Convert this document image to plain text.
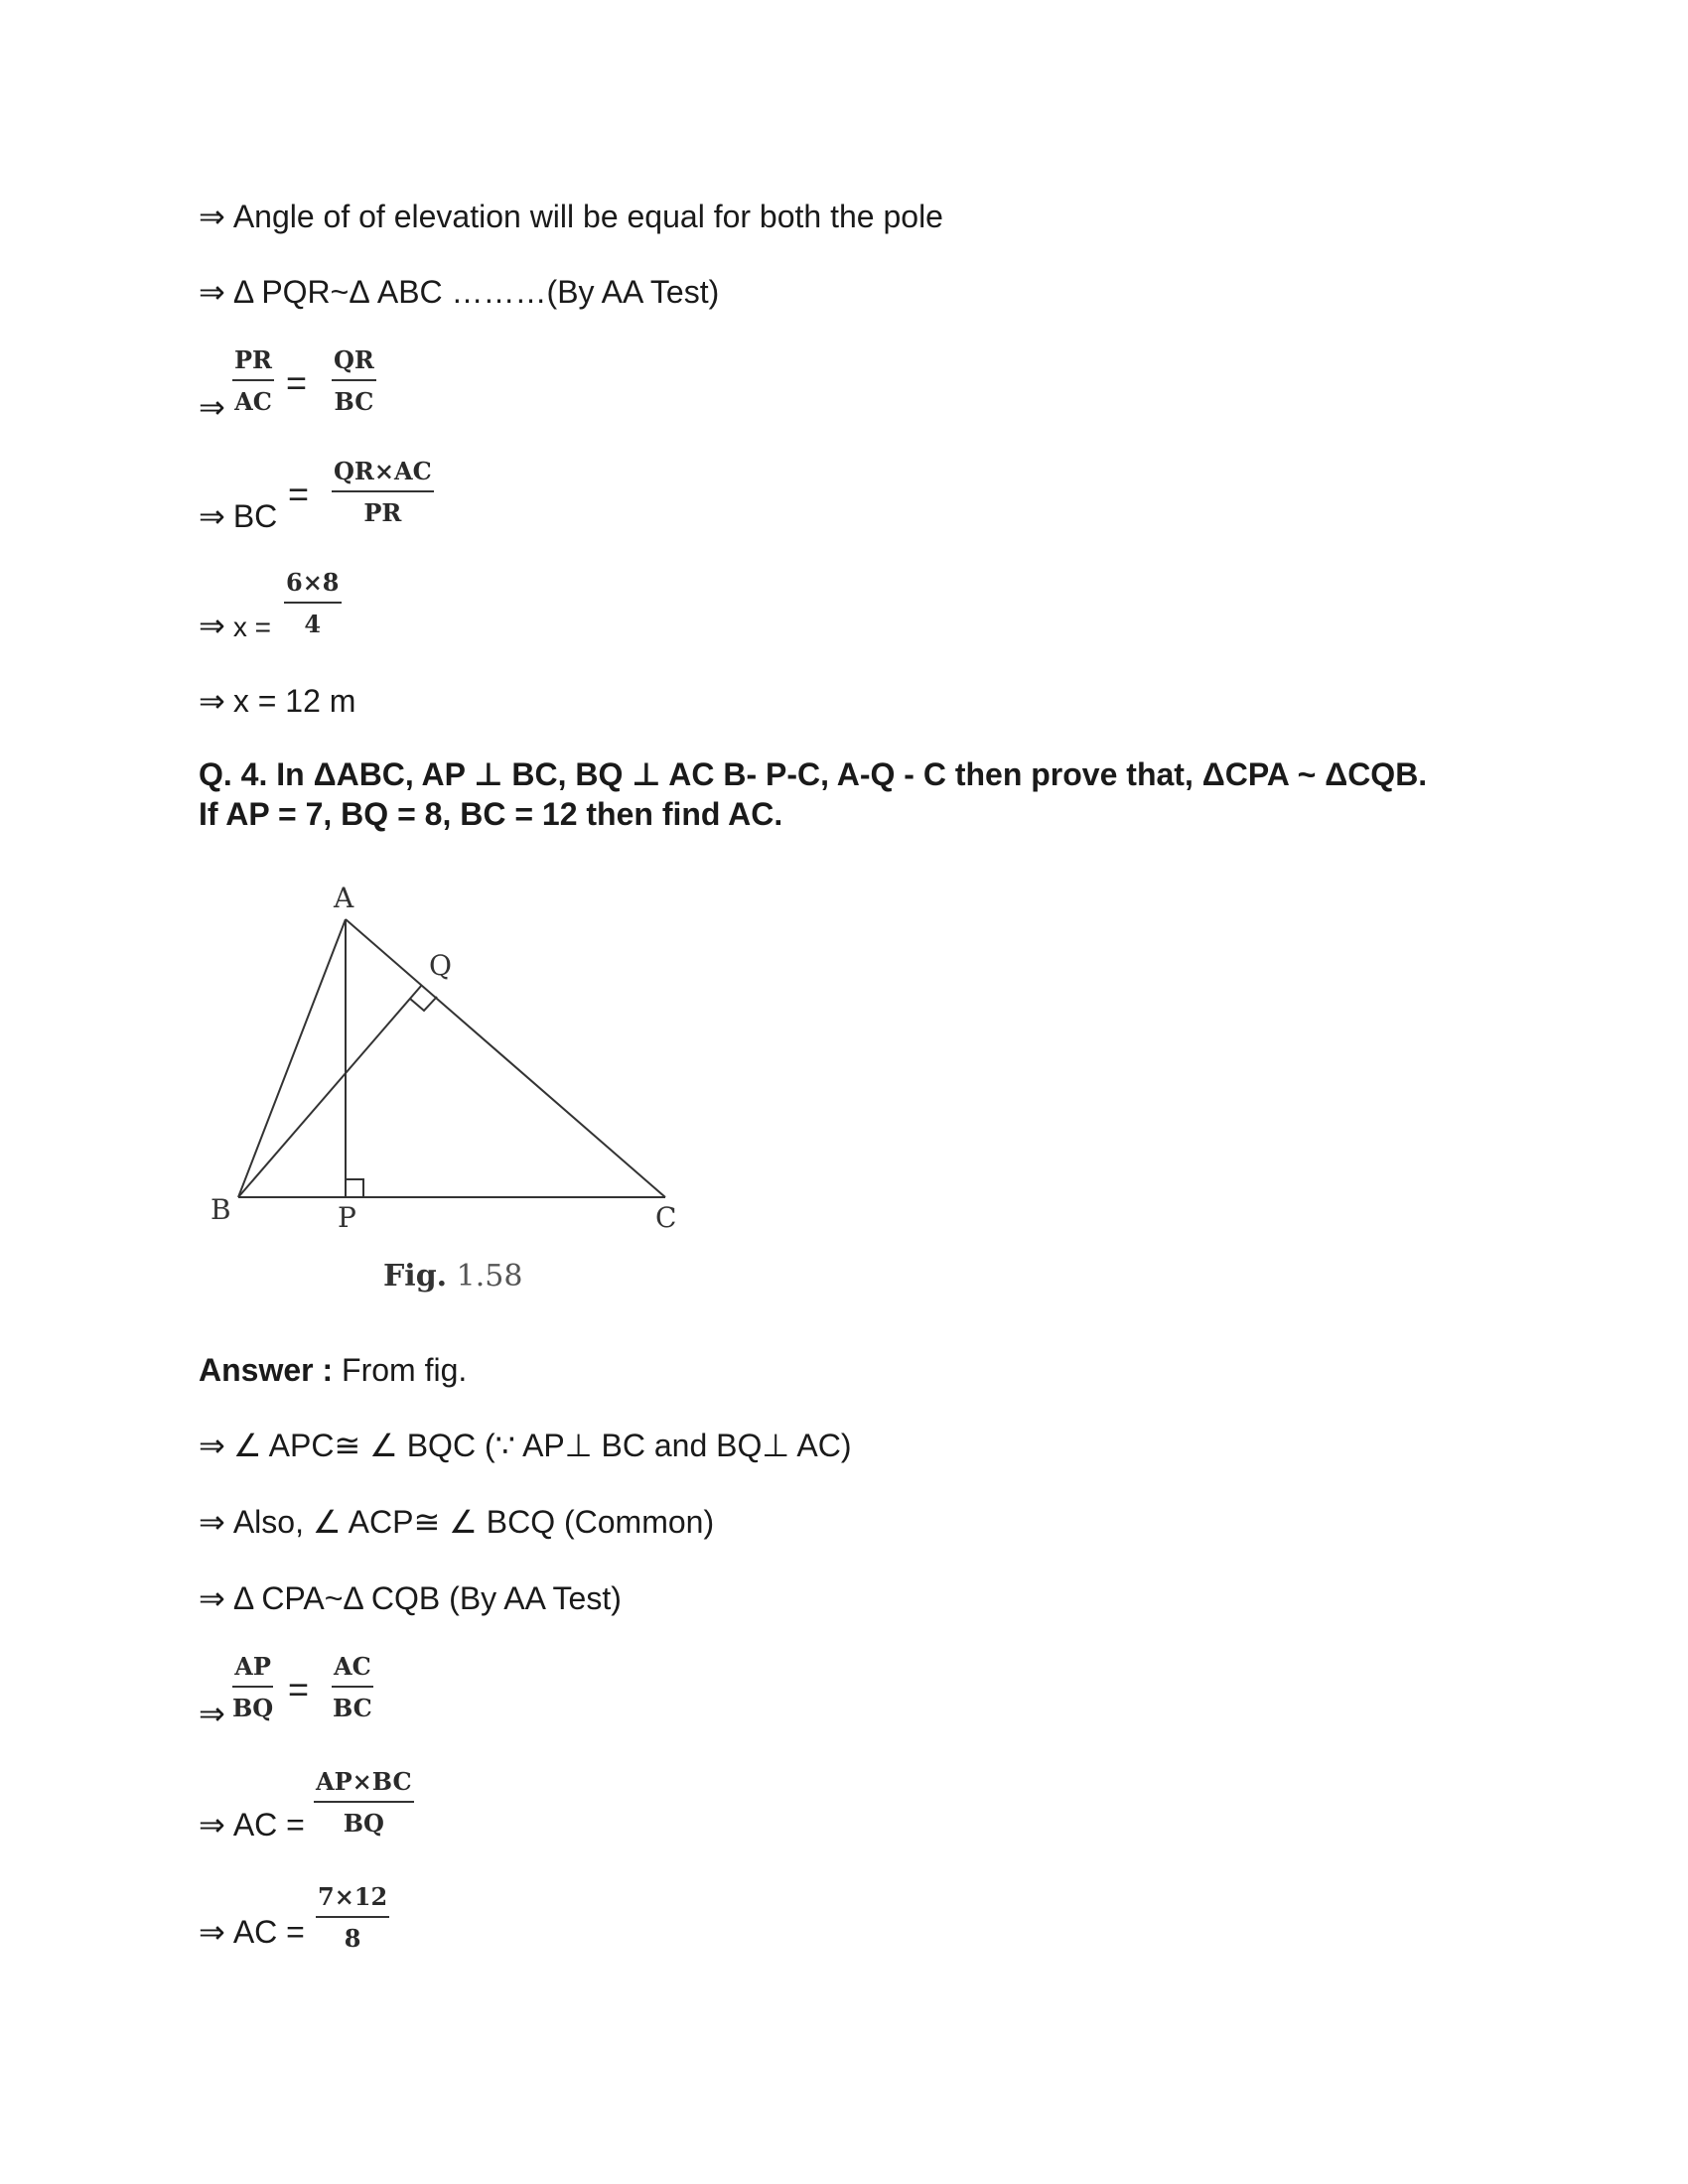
⇒ Angle of of elevation will be equal for both the pole
⇒ Δ PQR~Δ ABC ………(By AA Test)
⇒ $\frac{PR}{AC} = \frac{QR}{BC}$
⇒ BC
= $\frac{QR\times AC}{PR}$
⇒ $x = \frac{6\times 8}{4}$
⇒ x = 12 m
Q. 4. In ΔABC, AP ⊥ BC, BQ ⊥ AC B- P-C, A-Q - C then prove that, ΔCPA ~ ΔCQB.
If AP = 7, BQ = 8, BC = 12 then find AC.
A
B	C
P
Q
Fig. 1.58
Answer : From fig.
⇒ ∠ APC≅ ∠ BQC (∵ AP⊥ BC and BQ⊥ AC)
⇒ Also, ∠ ACP≅ ∠ BCQ (Common)
⇒ Δ CPA~Δ CQB (By AA Test)
⇒ $\frac{AP}{BQ} = \frac{AC}{BC}$
⇒ AC = $\frac{AP\times BC}{BQ}$
⇒ AC = $\frac{7\times 12}{8}$
